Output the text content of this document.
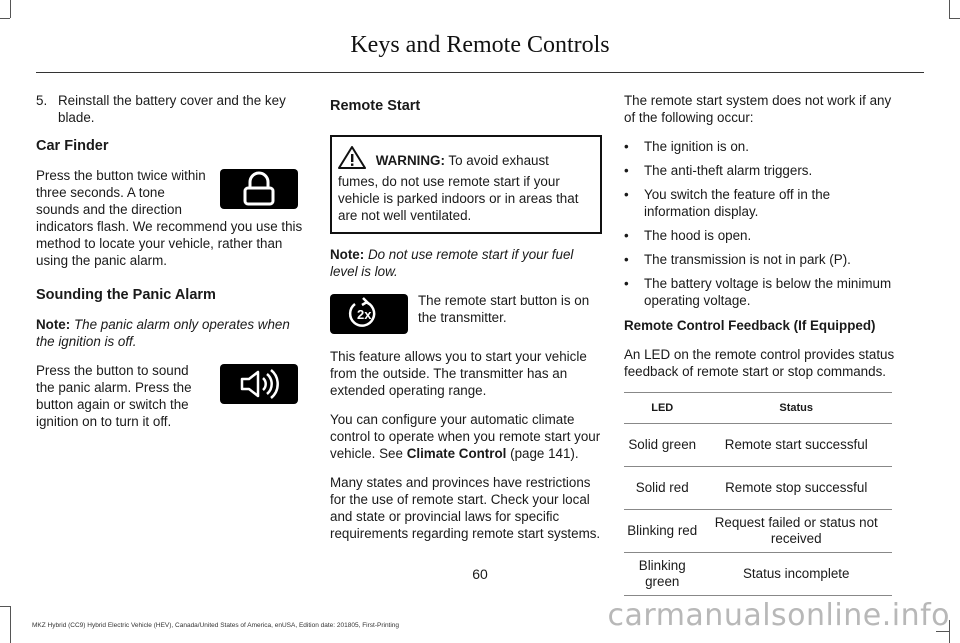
Keys and Remote Controls
5. Reinstall the battery cover and the key blade.
Car Finder

Press the button twice within three seconds. A tone sounds and the direction indicators flash. We recommend you use this method to locate your vehicle, rather than using the panic alarm.

Sounding the Panic Alarm

Note: The panic alarm only operates when the ignition is off.

Press the button to sound the panic alarm. Press the button again or switch the ignition on to turn it off.

Remote Start
WARNING: To avoid exhaust fumes, do not use remote start if your vehicle is parked indoors or in areas that are not well ventilated.

Note: Do not use remote start if your fuel level is low.

2x
The remote start button is on the transmitter.

This feature allows you to start your vehicle from the outside. The transmitter has an extended operating range.

You can configure your automatic climate control to operate when you remote start your vehicle. See Climate Control (page 141).

Many states and provinces have restrictions for the use of remote start. Check your local and state or provincial laws for specific requirements regarding remote start systems.

The remote start system does not work if any of the following occur:

•	The ignition is on.
•	The anti-theft alarm triggers.
•	You switch the feature off in the information display.
•	The hood is open.
•	The transmission is not in park (P).
•	The battery voltage is below the minimum operating voltage.
Remote Control Feedback (If Equipped)

An LED on the remote control provides status feedback of remote start or stop commands.

LED	Status
Solid green	Remote start successful
Solid red	Remote stop successful
Blinking red	Request failed or status not received
Blinking green	Status incomplete
60
MKZ Hybrid (CC9) Hybrid Electric Vehicle (HEV), Canada/United States of America, enUSA, Edition date: 201805, First-Printing	carmanualsonline.info
